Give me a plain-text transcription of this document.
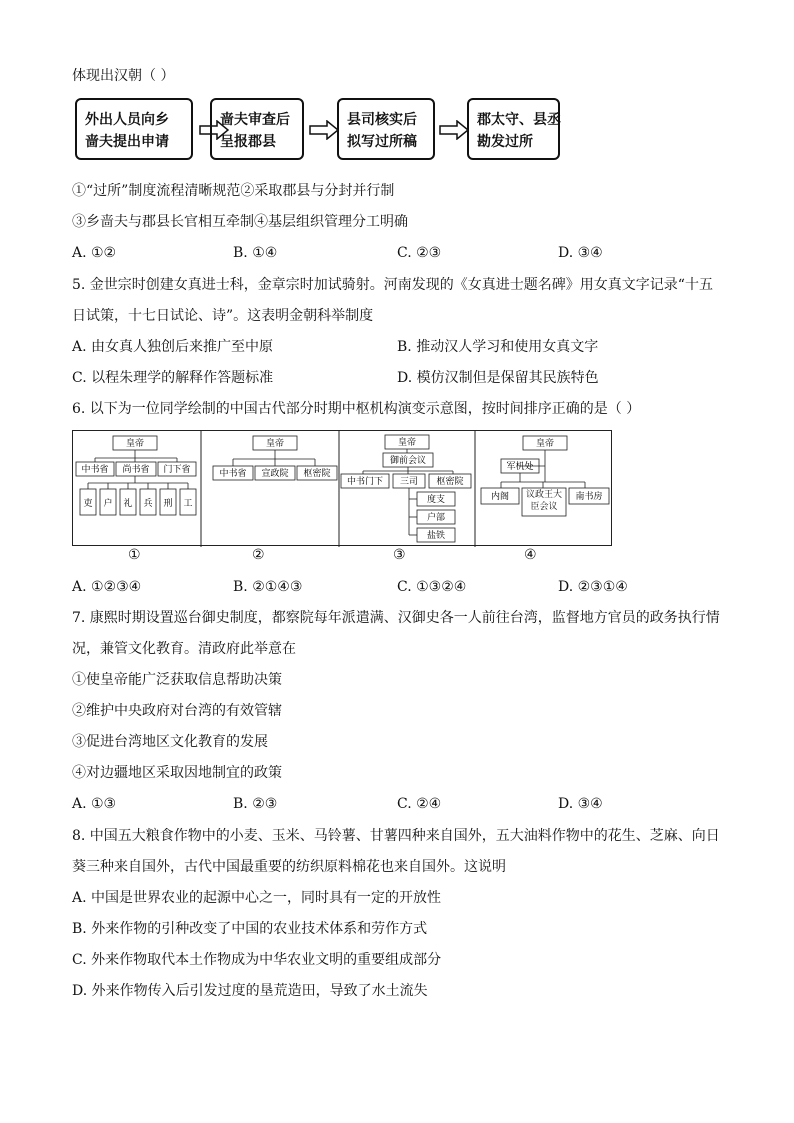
体现出汉朝（ ）
外出人员向乡
啬夫提出申请
啬夫审查后
呈报郡县
县司核实后
拟写过所稿
郡太守、县丞
勘发过所
①“过所”制度流程清晰规范②采取郡县与分封并行制
③乡啬夫与郡县长官相互牵制④基层组织管理分工明确
A. ①②	B. ①④	C. ②③	D. ③④
5. 金世宗时创建女真进士科，金章宗时加试骑射。河南发现的《女真进士题名碑》用女真文字记录“十五
日试策，十七日试论、诗”。这表明金朝科举制度
A. 由女真人独创后来推广至中原	B. 推动汉人学习和使用女真文字
C. 以程朱理学的解释作答题标准	D. 模仿汉制但是保留其民族特色
6. 以下为一位同学绘制的中国古代部分时期中枢机构演变示意图，按时间排序正确的是（ ）
皇帝
中书省 尚书省 门下省
吏 户 礼 兵 刑 工
皇帝
中书省 宣政院 枢密院
皇帝
御前会议
中书门下 三司 枢密院
度支
户部
盐铁
皇帝
军机处
内阁	议政王大臣会议
南书房
①	②	③	④
A. ①②③④	B. ②①④③	C. ①③②④	D. ②③①④
7. 康熙时期设置巡台御史制度，都察院每年派遣满、汉御史各一人前往台湾，监督地方官员的政务执行情
况，兼管文化教育。清政府此举意在
①使皇帝能广泛获取信息帮助决策
②维护中央政府对台湾的有效管辖
③促进台湾地区文化教育的发展
④对边疆地区采取因地制宜的政策
A. ①③	B. ②③	C. ②④	D. ③④
8. 中国五大粮食作物中的小麦、玉米、马铃薯、甘薯四种来自国外，五大油料作物中的花生、芝麻、向日
葵三种来自国外，古代中国最重要的纺织原料棉花也来自国外。这说明
A. 中国是世界农业的起源中心之一，同时具有一定的开放性
B. 外来作物的引种改变了中国的农业技术体系和劳作方式
C. 外来作物取代本土作物成为中华农业文明的重要组成部分
D. 外来作物传入后引发过度的垦荒造田，导致了水土流失
